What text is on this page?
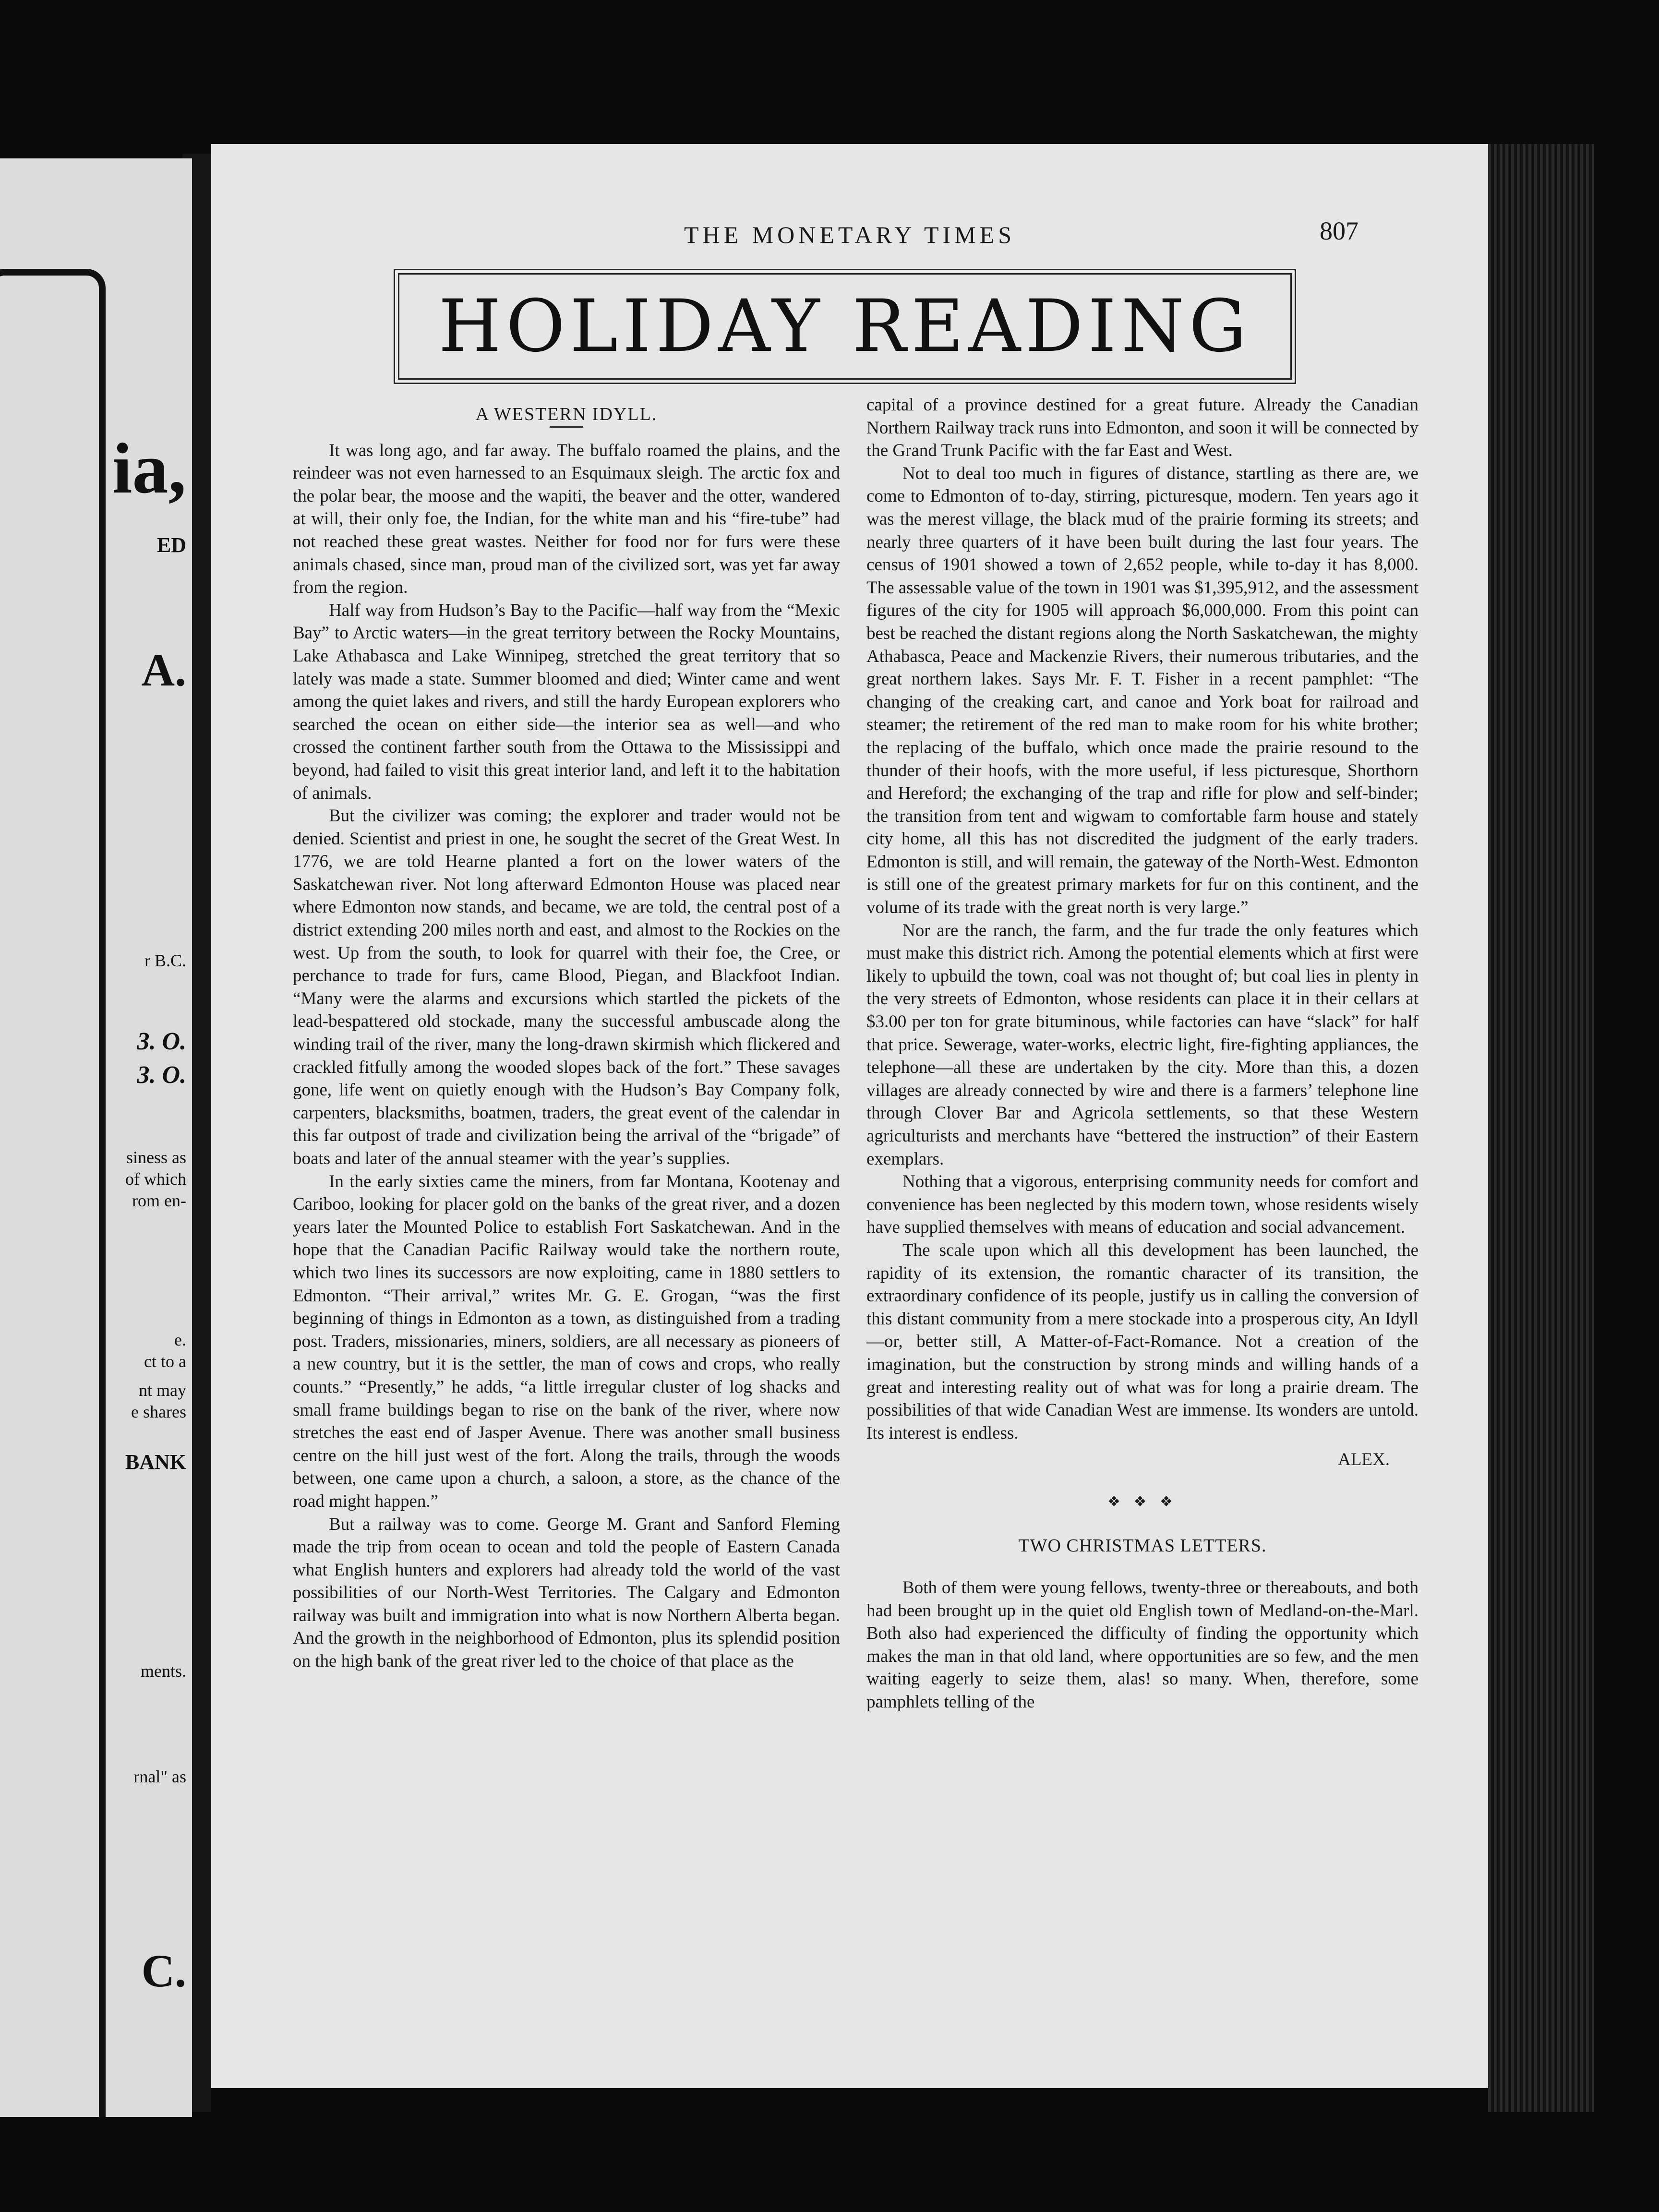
ia,
ED
A.
r B.C.
3. O.
3. O.
siness as
of which
rom en-
e.
ct to a
nt may
e shares
BANK
ments.
rnal" as
C.
THE MONETARY TIMES	807
HOLIDAY READING

A WESTERN IDYLL.

It was long ago, and far away. The buffalo roamed the plains, and the reindeer was not even harnessed to an Esquimaux sleigh. The arctic fox and the polar bear, the moose and the wapiti, the beaver and the otter, wandered at will, their only foe, the Indian, for the white man and his “fire-tube” had not reached these great wastes. Neither for food nor for furs were these animals chased, since man, proud man of the civilized sort, was yet far away from the region.

Half way from Hudson’s Bay to the Pacific—half way from the “Mexic Bay” to Arctic waters—in the great territory between the Rocky Mountains, Lake Athabasca and Lake Winnipeg, stretched the great territory that so lately was made a state. Summer bloomed and died; Winter came and went among the quiet lakes and rivers, and still the hardy European explorers who searched the ocean on either side—the interior sea as well—and who crossed the continent farther south from the Ottawa to the Mississippi and beyond, had failed to visit this great interior land, and left it to the habitation of animals.

But the civilizer was coming; the explorer and trader would not be denied. Scientist and priest in one, he sought the secret of the Great West. In 1776, we are told Hearne planted a fort on the lower waters of the Saskatchewan river. Not long afterward Edmonton House was placed near where Edmonton now stands, and became, we are told, the central post of a district extending 200 miles north and east, and almost to the Rockies on the west. Up from the south, to look for quarrel with their foe, the Cree, or perchance to trade for furs, came Blood, Piegan, and Blackfoot Indian. “Many were the alarms and excursions which startled the pickets of the lead-bespattered old stockade, many the successful ambuscade along the winding trail of the river, many the long-drawn skirmish which flickered and crackled fitfully among the wooded slopes back of the fort.” These savages gone, life went on quietly enough with the Hudson’s Bay Company folk, carpenters, blacksmiths, boatmen, traders, the great event of the calendar in this far outpost of trade and civilization being the arrival of the “brigade” of boats and later of the annual steamer with the year’s supplies.

In the early sixties came the miners, from far Montana, Kootenay and Cariboo, looking for placer gold on the banks of the great river, and a dozen years later the Mounted Police to establish Fort Saskatchewan. And in the hope that the Canadian Pacific Railway would take the northern route, which two lines its successors are now exploiting, came in 1880 settlers to Edmonton. “Their arrival,” writes Mr. G. E. Grogan, “was the first beginning of things in Edmonton as a town, as distinguished from a trading post. Traders, missionaries, miners, soldiers, are all necessary as pioneers of a new country, but it is the settler, the man of cows and crops, who really counts.” “Presently,” he adds, “a little irregular cluster of log shacks and small frame buildings began to rise on the bank of the river, where now stretches the east end of Jasper Avenue. There was another small business centre on the hill just west of the fort. Along the trails, through the woods between, one came upon a church, a saloon, a store, as the chance of the road might happen.”

But a railway was to come. George M. Grant and Sanford Fleming made the trip from ocean to ocean and told the people of Eastern Canada what English hunters and explorers had already told the world of the vast possibilities of our North-West Territories. The Calgary and Edmonton railway was built and immigration into what is now Northern Alberta began. And the growth in the neighborhood of Edmonton, plus its splendid position on the high bank of the great river led to the choice of that place as the

capital of a province destined for a great future. Already the Canadian Northern Railway track runs into Edmonton, and soon it will be connected by the Grand Trunk Pacific with the far East and West.

Not to deal too much in figures of distance, startling as there are, we come to Edmonton of to-day, stirring, picturesque, modern. Ten years ago it was the merest village, the black mud of the prairie forming its streets; and nearly three quarters of it have been built during the last four years. The census of 1901 showed a town of 2,652 people, while to-day it has 8,000. The assessable value of the town in 1901 was $1,395,912, and the assessment figures of the city for 1905 will approach $6,000,000. From this point can best be reached the distant regions along the North Saskatchewan, the mighty Athabasca, Peace and Mackenzie Rivers, their numerous tributaries, and the great northern lakes. Says Mr. F. T. Fisher in a recent pamphlet: “The changing of the creaking cart, and canoe and York boat for railroad and steamer; the retirement of the red man to make room for his white brother; the replacing of the buffalo, which once made the prairie resound to the thunder of their hoofs, with the more useful, if less picturesque, Shorthorn and Hereford; the exchanging of the trap and rifle for plow and self-binder; the transition from tent and wigwam to comfortable farm house and stately city home, all this has not discredited the judgment of the early traders. Edmonton is still, and will remain, the gateway of the North-West. Edmonton is still one of the greatest primary markets for fur on this continent, and the volume of its trade with the great north is very large.”

Nor are the ranch, the farm, and the fur trade the only features which must make this district rich. Among the potential elements which at first were likely to upbuild the town, coal was not thought of; but coal lies in plenty in the very streets of Edmonton, whose residents can place it in their cellars at $3.00 per ton for grate bituminous, while factories can have “slack” for half that price. Sewerage, water-works, electric light, fire-fighting appliances, the telephone—all these are undertaken by the city. More than this, a dozen villages are already connected by wire and there is a farmers’ telephone line through Clover Bar and Agricola settlements, so that these Western agriculturists and merchants have “bettered the instruction” of their Eastern exemplars.

Nothing that a vigorous, enterprising community needs for comfort and convenience has been neglected by this modern town, whose residents wisely have supplied themselves with means of education and social advancement.

The scale upon which all this development has been launched, the rapidity of its extension, the romantic character of its transition, the extraordinary confidence of its people, justify us in calling the conversion of this distant community from a mere stockade into a prosperous city, An Idyll—or, better still, A Matter-of-Fact-Romance. Not a creation of the imagination, but the construction by strong minds and willing hands of a great and interesting reality out of what was for long a prairie dream. The possibilities of that wide Canadian West are immense. Its wonders are untold. Its interest is endless.

ALEX.
❖ ❖ ❖
TWO CHRISTMAS LETTERS.

Both of them were young fellows, twenty-three or thereabouts, and both had been brought up in the quiet old English town of Medland-on-the-Marl. Both also had experienced the difficulty of finding the opportunity which makes the man in that old land, where opportunities are so few, and the men waiting eagerly to seize them, alas! so many. When, therefore, some pamphlets telling of the
